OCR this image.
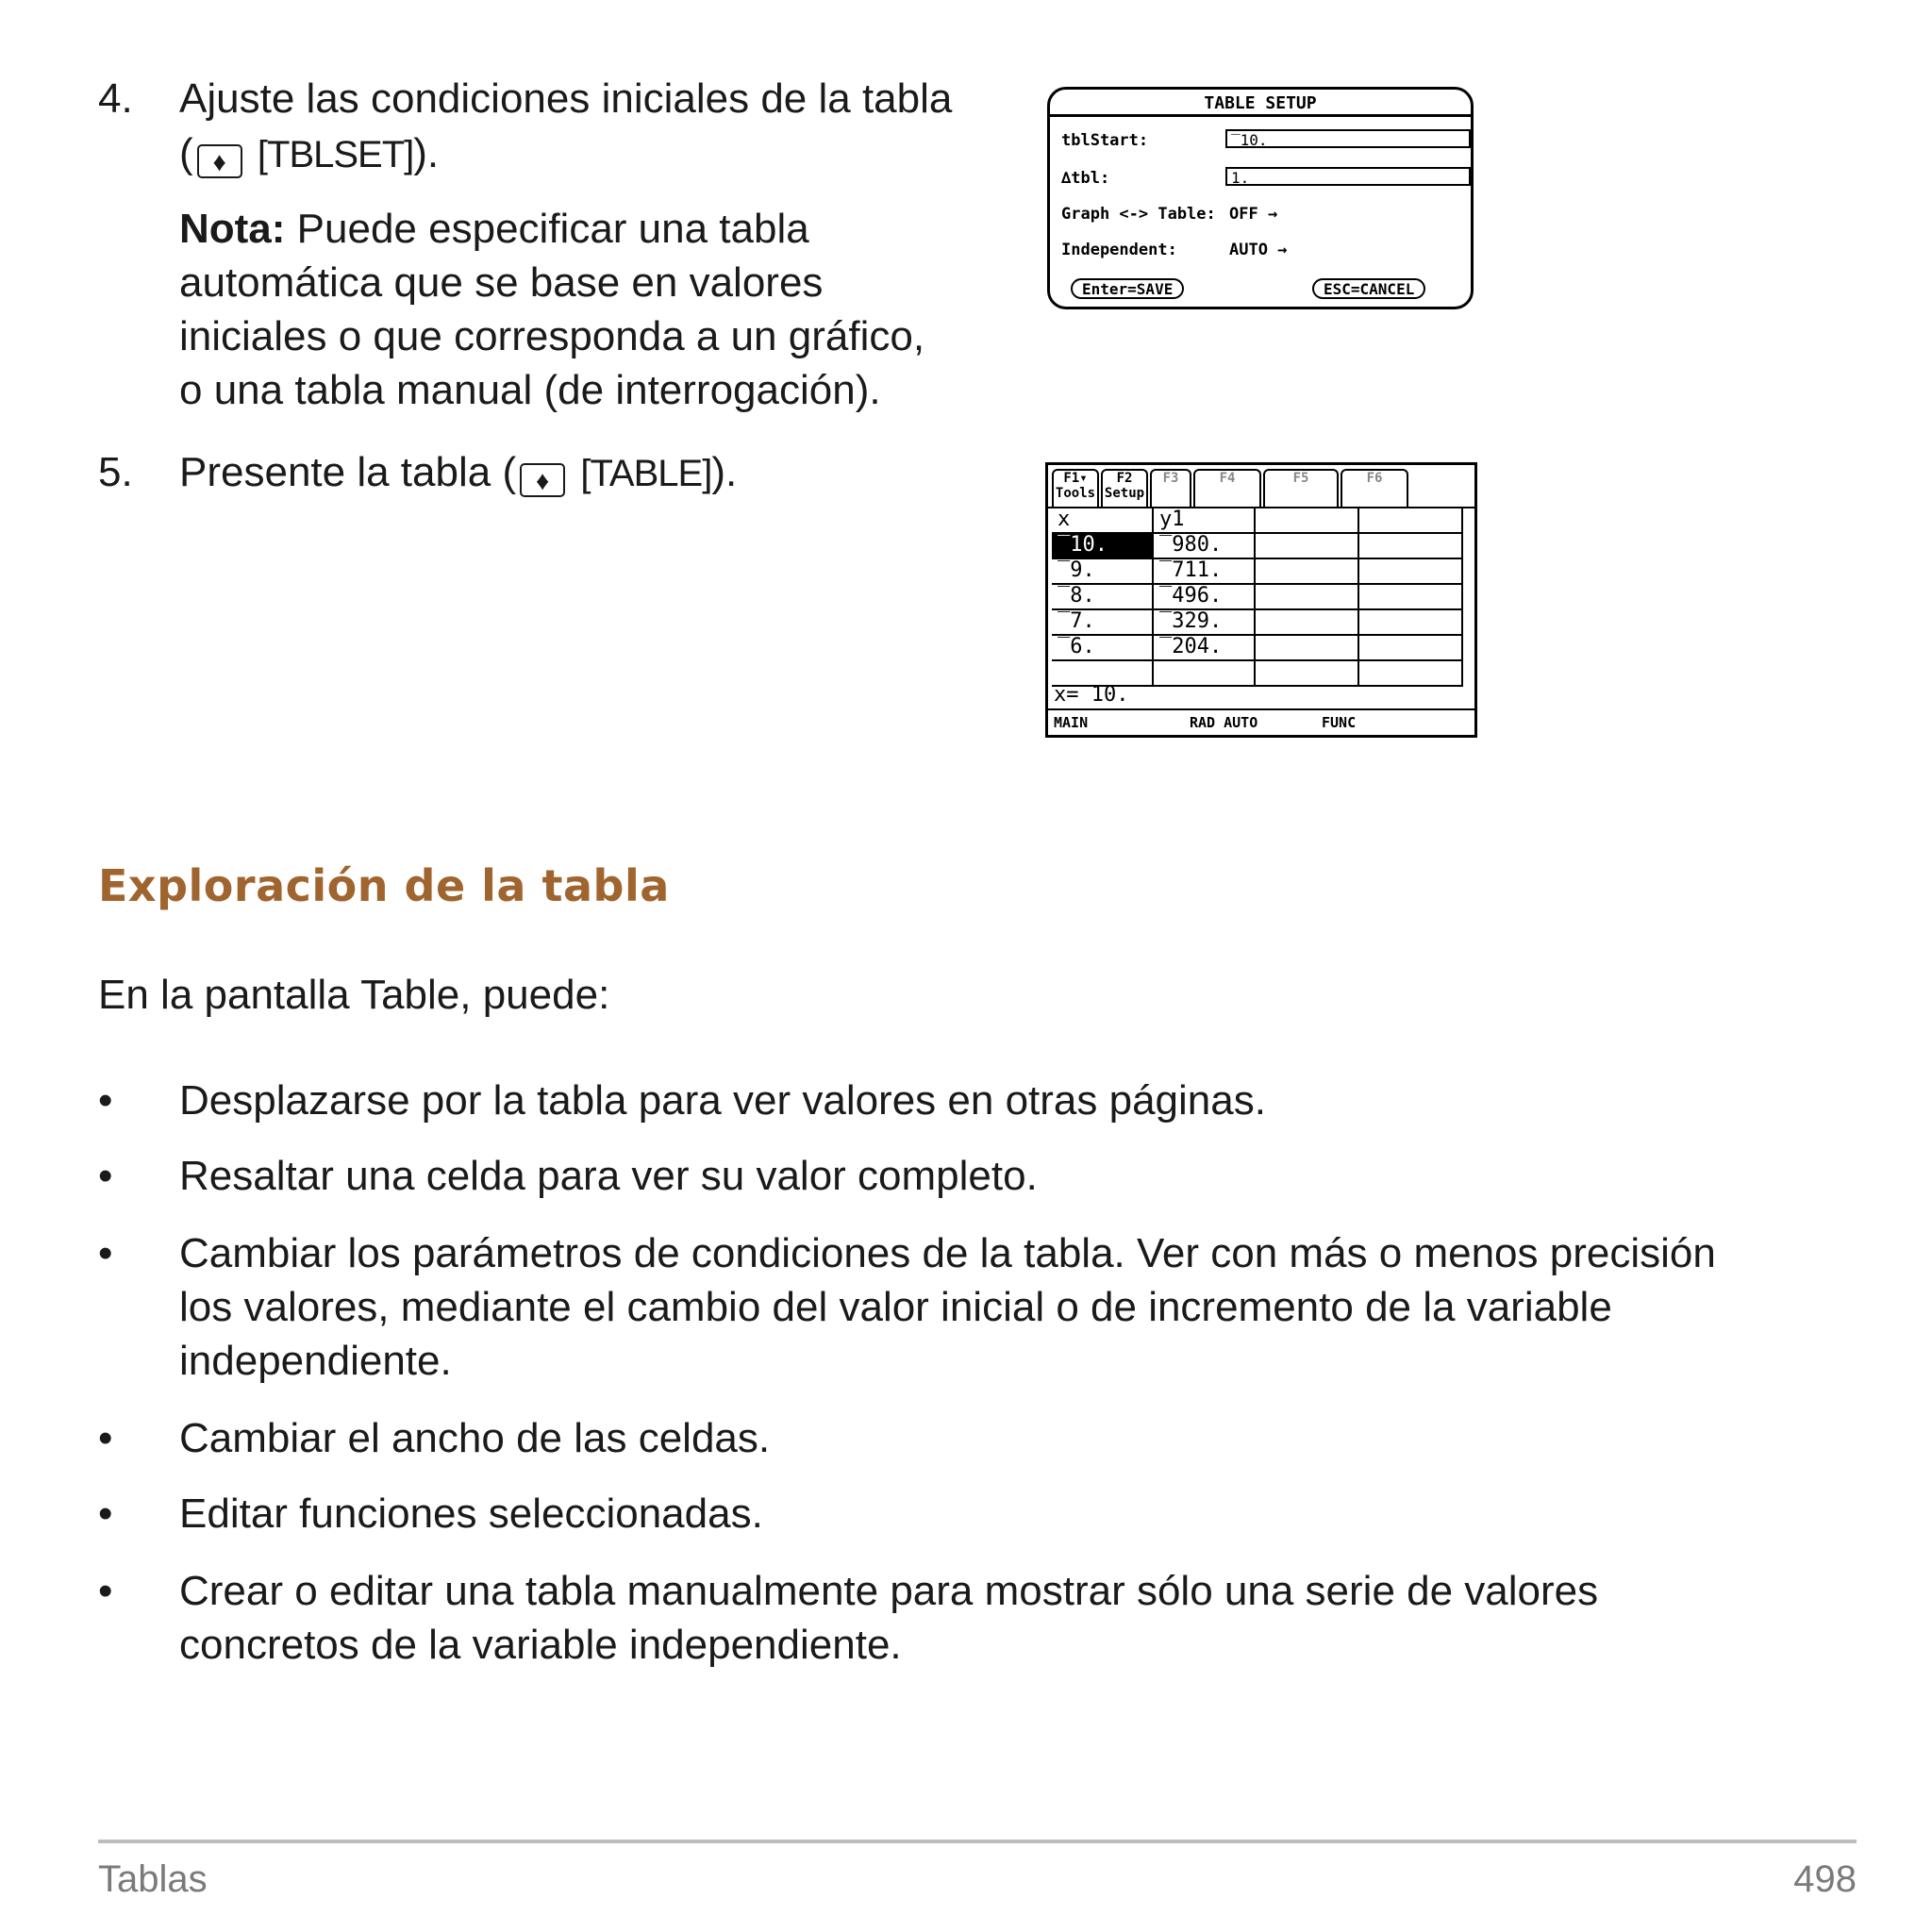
4.	Ajuste las condiciones iniciales de la tabla
( ♦ [TBLSET]).
Nota: Puede especificar una tabla
automática que se base en valores
iniciales o que corresponda a un gráfico,
o una tabla manual (de interrogación).
5.	Presente la tabla ( ♦ [TABLE]).
TABLE SETUP
tblStart:	‾10.
∆tbl:	1.
Graph <-> Table: OFF →
Independent:	AUTO →
Enter=SAVE	ESC=CANCEL
F1▾
Tools
F2
Setup
F3	F4	F5	F6
x	y1
‾10.	‾980.
‾9.	‾711.
‾8.	‾496.
‾7.	‾329.
‾6.	‾204.
x=‾10.
MAIN	RAD AUTO	FUNC
Exploración de la tabla
En la pantalla Table, puede:
•	Desplazarse por la tabla para ver valores en otras páginas.
•	Resaltar una celda para ver su valor completo.
•	Cambiar los parámetros de condiciones de la tabla. Ver con más o menos precisión
los valores, mediante el cambio del valor inicial o de incremento de la variable
independiente.
•	Cambiar el ancho de las celdas.
•	Editar funciones seleccionadas.
•	Crear o editar una tabla manualmente para mostrar sólo una serie de valores
concretos de la variable independiente.
Tablas	498
